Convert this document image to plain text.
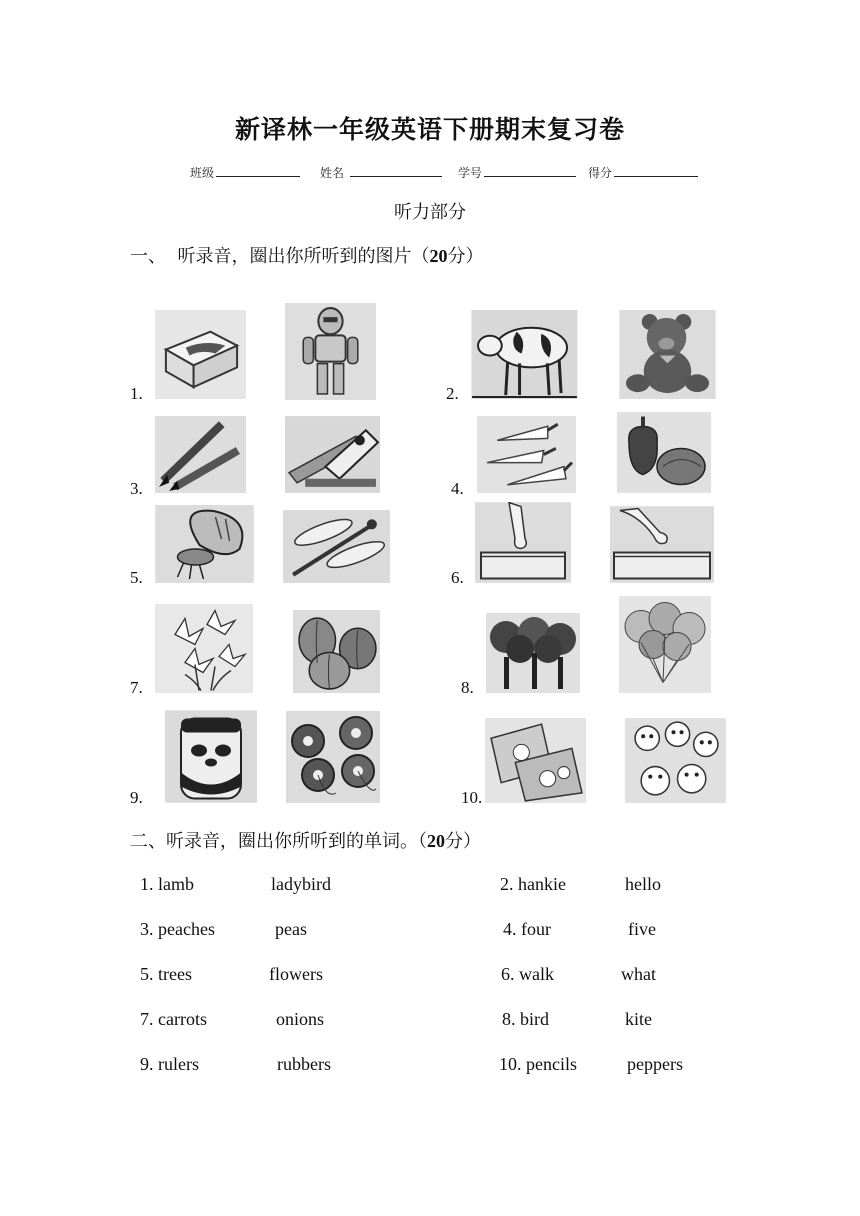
新译林一年级英语下册期末复习卷
班级	姓名	学号	得分
听力部分
一、 听录音，圈出你所听到的图片（20分）
1.	2.
3.	4.
5.	6.
7.	8.
9.	10.
二、听录音，圈出你所听到的单词。（20分）
1. lamb	ladybird	2. hankie	hello
3. peaches	peas	4. four	five
5. trees	flowers	6. walk	what
7. carrots	onions	8. bird	kite
9. rulers	rubbers	10. pencils	peppers
